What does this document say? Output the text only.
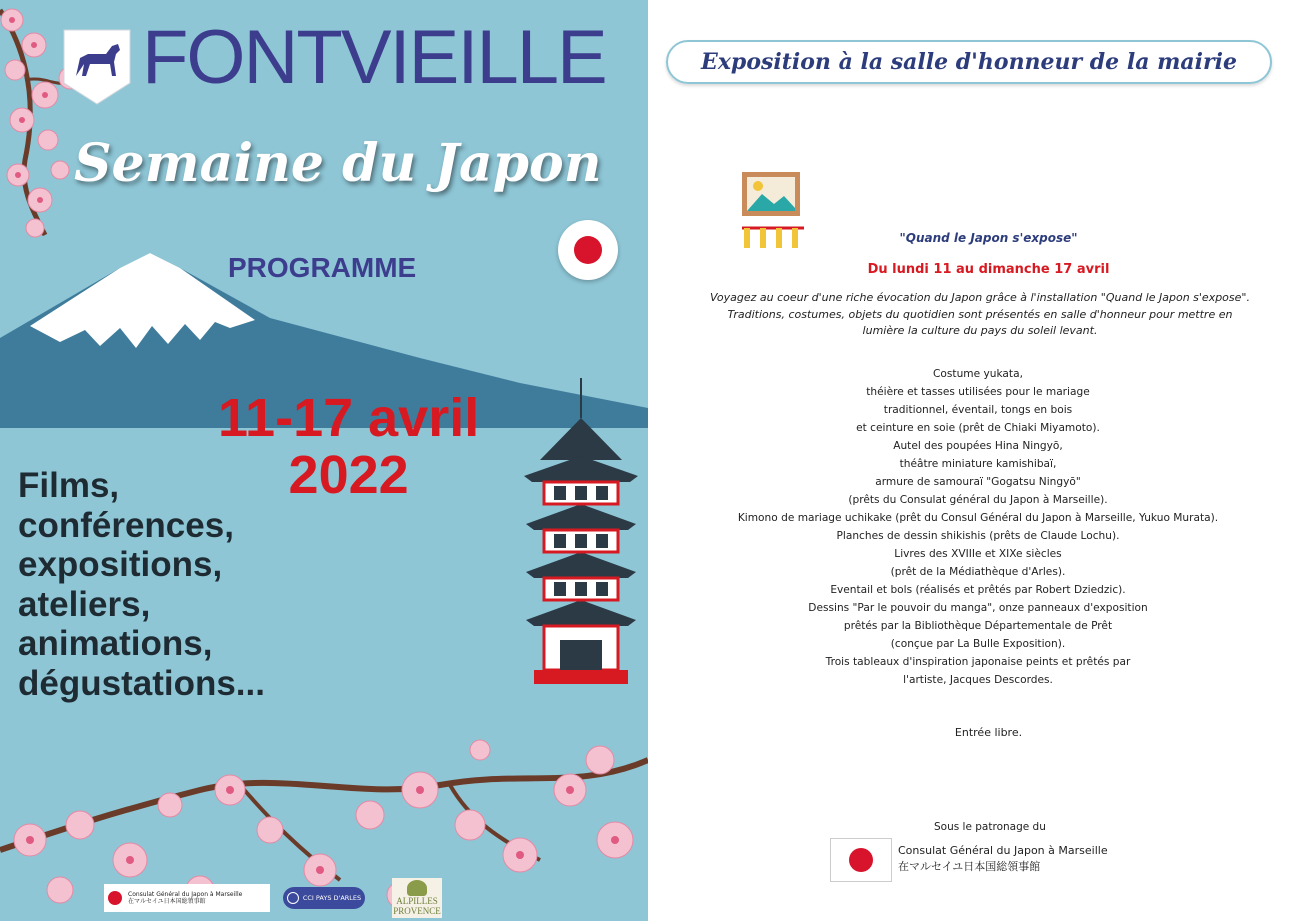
FONTVIEILLE
Semaine du Japon
PROGRAMME
11-17 avril
2022
Films,
conférences,
expositions,
ateliers,
animations,
dégustations...
Consulat Général du Japon à Marseille
在マルセイユ日本国総領事館	CCI PAYS D'ARLES	ALPILLES
PROVENCE
Exposition à la salle d'honneur de la mairie
"Quand le Japon s'expose"
Du lundi 11 au dimanche 17 avril
Voyagez au coeur d'une riche évocation du Japon grâce à l'installation "Quand le Japon s'expose". Traditions, costumes, objets du quotidien sont présentés en salle d'honneur pour mettre en lumière la culture du pays du soleil levant.
Costume yukata,
théière et tasses utilisées pour le mariage
traditionnel, éventail, tongs en bois
et ceinture en soie (prêt de Chiaki Miyamoto).
Autel des poupées Hina Ningyō,
théâtre miniature kamishibaï,
armure de samouraï "Gogatsu Ningyō"
(prêts du Consulat général du Japon à Marseille).
Kimono de mariage uchikake (prêt du Consul Général du Japon à Marseille, Yukuo Murata).
Planches de dessin shikishis (prêts de Claude Lochu).
Livres des XVIIIe et XIXe siècles
(prêt de la Médiathèque d'Arles).
Eventail et bols (réalisés et prêtés par Robert Dziedzic).
Dessins "Par le pouvoir du manga", onze panneaux d'exposition
prêtés par la Bibliothèque Départementale de Prêt
(conçue par La Bulle Exposition).
Trois tableaux d'inspiration japonaise peints et prêtés par
l'artiste, Jacques Descordes.
Entrée libre.
Sous le patronage du
Consulat Général du Japon à Marseille
在マルセイユ日本国総領事館
